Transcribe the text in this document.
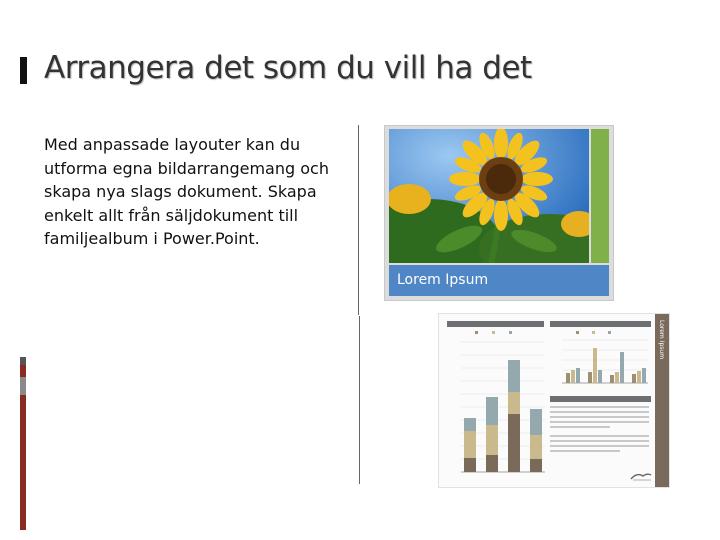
Arrangera det som du vill ha det
Med anpassade layouter kan du utforma egna bildarrangemang och skapa nya slags dokument. Skapa enkelt allt från säljdokument till familjealbum i Power.Point.
Lorem Ipsum
Lorem Ipsum
